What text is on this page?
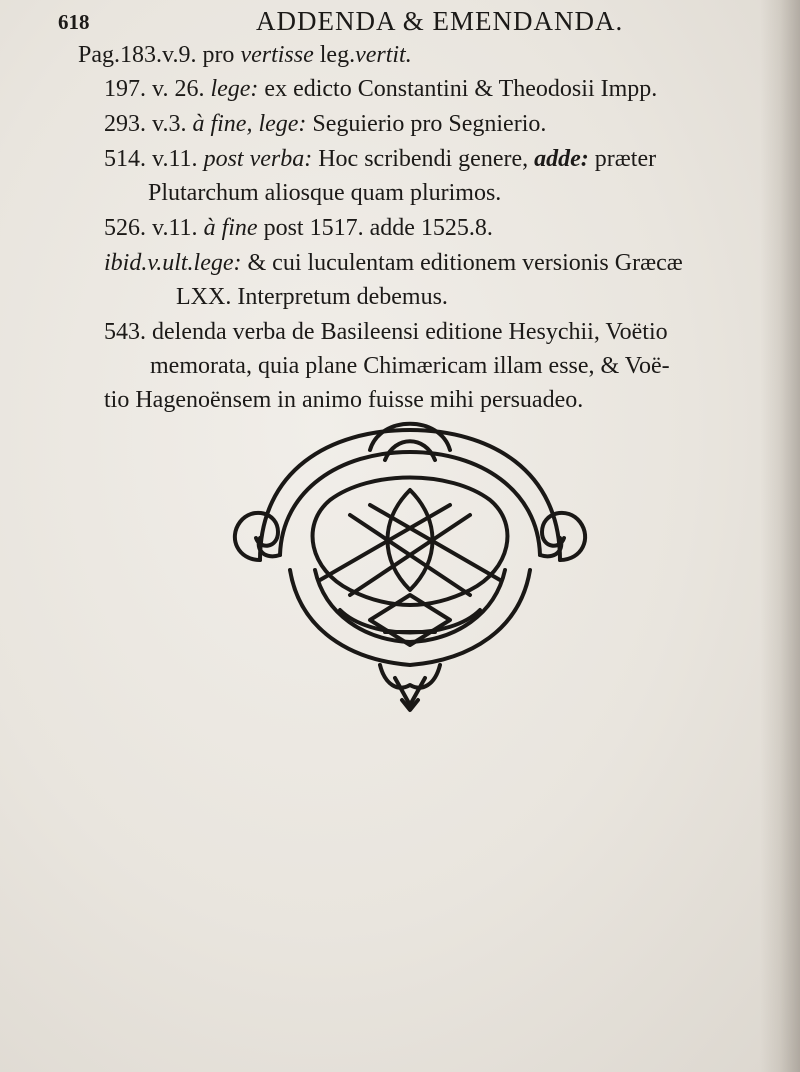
618	ADDENDA & EMENDANDA.
Pag.183.v.9. pro vertisse leg.vertit.
197. v. 26. lege: ex edicto Constantini & Theodosii Impp.
293. v.3. à fine, lege: Seguierio pro Segnierio.
514. v.11. post verba: Hoc scribendi genere, adde: præter
Plutarchum aliosque quam plurimos.
526. v.11. à fine post 1517. adde 1525.8.
ibid.v.ult.lege: & cui luculentam editionem versionis Græcæ
LXX. Interpretum debemus.
543. delenda verba de Basileensi editione Hesychii, Voëtio
memorata, quia plane Chimæricam illam esse, & Voë-
tio Hagenoënsem in animo fuisse mihi persuadeo.
